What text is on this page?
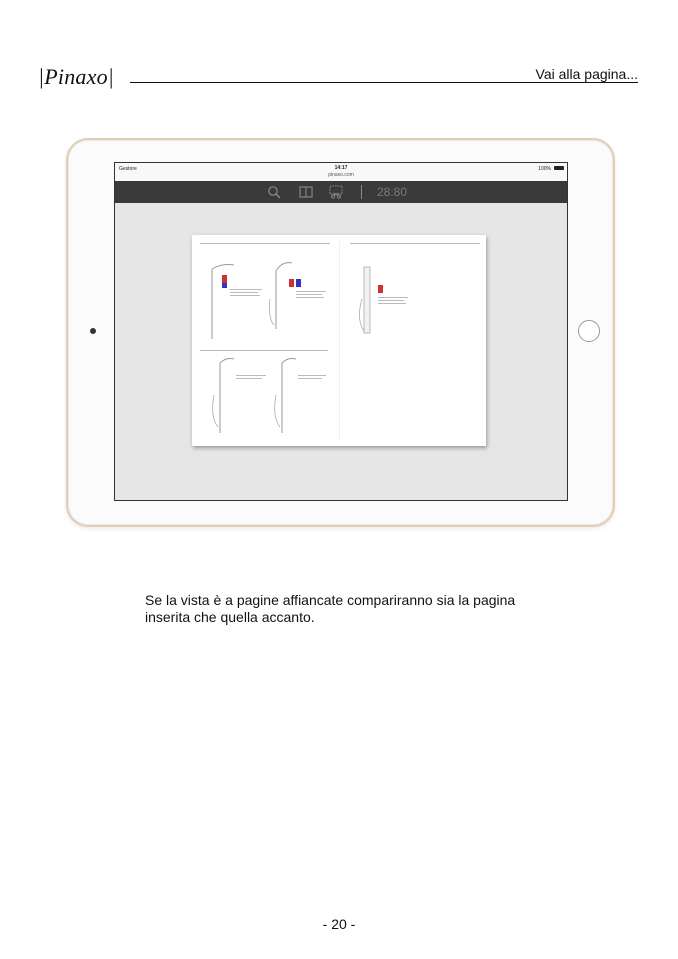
|Pinaxo|	Vai alla pagina...
Gestore	14:17
pinaxo.com
100%
28:80
Se la vista è a pagine affiancate compariranno sia la pagina
inserita che quella accanto.
- 20 -
